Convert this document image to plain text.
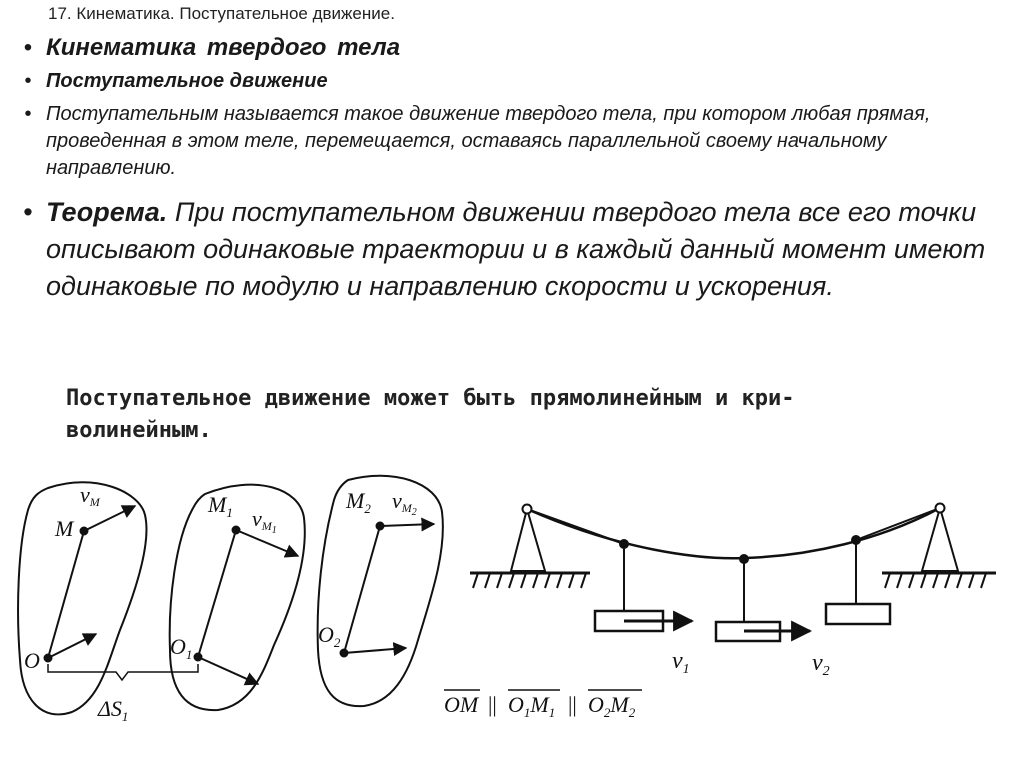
17. Кинематика. Поступательное движение.
• Кинематика твердого тела
• Поступательное движение
• Поступательным называется такое движение твердого тела, при котором любая прямая, проведенная в этом теле, перемещается, оставаясь параллельной своему начальному направлению.
• Теорема. При поступательном движении твердого тела все его точки описывают одинаковые траектории и в каждый данный момент имеют одинаковые по модулю и направлению скорости и ускорения.
Поступательное движение может быть прямолинейным и кри-
волинейным.
vM
M
$M_1$ vM1
$M_2$ vM2
O
$O_1$
$O_2$
$\Delta S_1$
$v_1$	$v_2$
OM || $O_1M_1$ || $O_2M_2$
